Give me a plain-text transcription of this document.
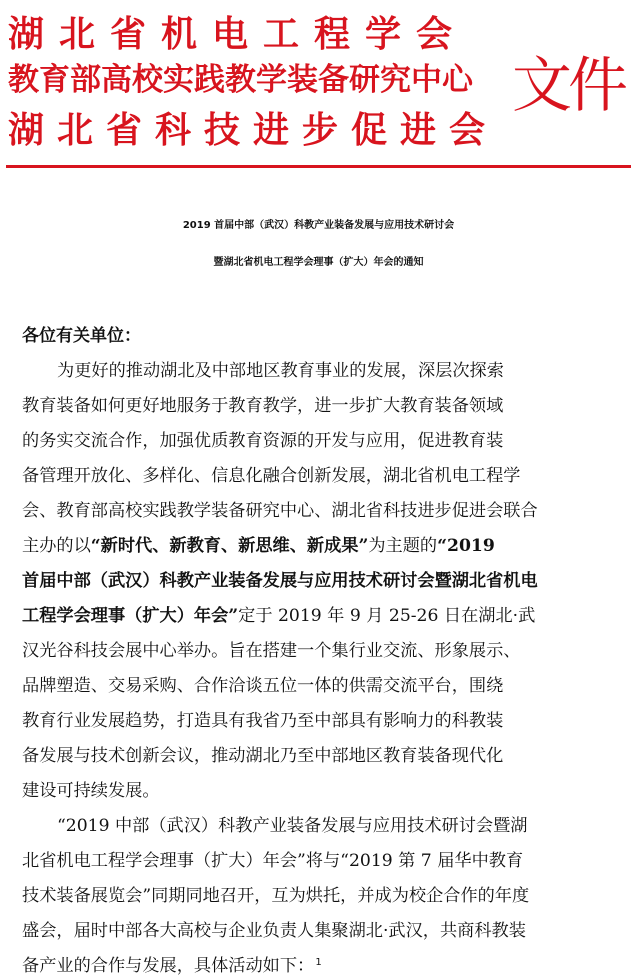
湖北省机电工程学会
教育部高校实践教学装备研究中心
湖北省科技进步促进会
文件
2019 首届中部（武汉）科教产业装备发展与应用技术研讨会
暨湖北省机电工程学会理事（扩大）年会的通知
各位有关单位：
为更好的推动湖北及中部地区教育事业的发展，深层次探索
教育装备如何更好地服务于教育教学，进一步扩大教育装备领域
的务实交流合作，加强优质教育资源的开发与应用，促进教育装
备管理开放化、多样化、信息化融合创新发展，湖北省机电工程学
会、教育部高校实践教学装备研究中心、湖北省科技进步促进会联合
主办的以“新时代、新教育、新思维、新成果”为主题的“2019
首届中部（武汉）科教产业装备发展与应用技术研讨会暨湖北省机电
工程学会理事（扩大）年会”定于 2019 年 9 月 25-26 日在湖北·武
汉光谷科技会展中心举办。旨在搭建一个集行业交流、形象展示、
品牌塑造、交易采购、合作洽谈五位一体的供需交流平台，围绕
教育行业发展趋势，打造具有我省乃至中部具有影响力的科教装
备发展与技术创新会议，推动湖北乃至中部地区教育装备现代化
建设可持续发展。
“2019 中部（武汉）科教产业装备发展与应用技术研讨会暨湖
北省机电工程学会理事（扩大）年会”将与“2019 第 7 届华中教育
技术装备展览会”同期同地召开，互为烘托，并成为校企合作的年度
盛会，届时中部各大高校与企业负责人集聚湖北·武汉，共商科教装
备产业的合作与发展，具体活动如下： 1
